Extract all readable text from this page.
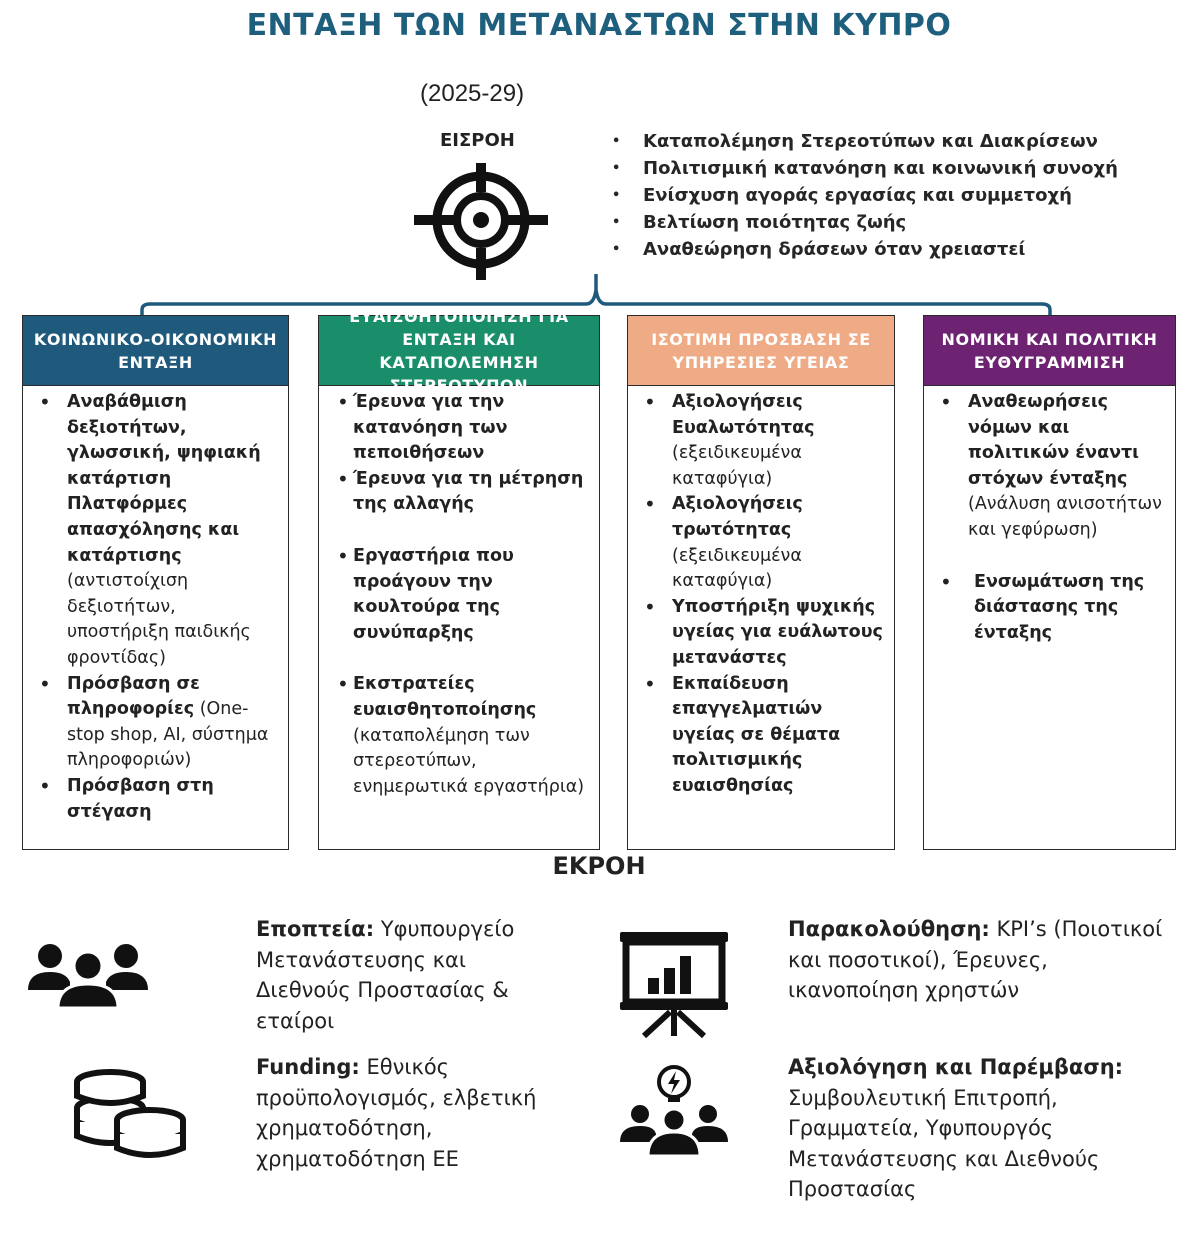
ΕΝΤΑΞΗ ΤΩΝ ΜΕΤΑΝΑΣΤΩΝ ΣΤΗΝ ΚΥΠΡΟ
(2025-29)
ΕΙΣΡΟΗ
•	Καταπολέμηση Στερεοτύπων και Διακρίσεων
• Πολιτισμική κατανόηση και κοινωνική συνοχή
• Ενίσχυση αγοράς εργασίας και συμμετοχή
• Βελτίωση ποιότητας ζωής
• Αναθεώρηση δράσεων όταν χρειαστεί
ΚΟΙΝΩΝΙΚΟ-ΟΙΚΟΝΟΜΙΚΗ ΕΝΤΑΞΗ
• Αναβάθμιση δεξιοτήτων, γλωσσική, ψηφιακή κατάρτιση Πλατφόρμες απασχόλησης και κατάρτισης (αντιστοίχιση δεξιοτήτων, υποστήριξη παιδικής φροντίδας)
• Πρόσβαση σε πληροφορίες (One-stop shop, AI, σύστημα πληροφοριών)
• Πρόσβαση στη στέγαση
ΕΥΑΙΣΘΗΤΟΠΟΙΗΣΗ ΓΙΑ ΕΝΤΑΞΗ ΚΑΙ ΚΑΤΑΠΟΛΕΜΗΣΗ ΣΤΕΡΕΟΤΥΠΩΝ
• Έρευνα για την κατανόηση των πεποιθήσεων
• Έρευνα για τη μέτρηση της αλλαγής
• Εργαστήρια που προάγουν την κουλτούρα της συνύπαρξης
• Εκστρατείες ευαισθητοποίησης (καταπολέμηση των στερεοτύπων, ενημερωτικά εργαστήρια)
ΙΣΟΤΙΜΗ ΠΡΟΣΒΑΣΗ ΣΕ ΥΠΗΡΕΣΙΕΣ ΥΓΕΙΑΣ
• Αξιολογήσεις Ευαλωτότητας (εξειδικευμένα καταφύγια)
• Αξιολογήσεις τρωτότητας (εξειδικευμένα καταφύγια)
• Υποστήριξη ψυχικής υγείας για ευάλωτους μετανάστες
• Εκπαίδευση επαγγελματιών υγείας σε θέματα πολιτισμικής ευαισθησίας
ΝΟΜΙΚΗ ΚΑΙ ΠΟΛΙΤΙΚΗ ΕΥΘΥΓΡΑΜΜΙΣΗ
• Αναθεωρήσεις νόμων και πολιτικών έναντι στόχων ένταξης (Ανάλυση ανισοτήτων και γεφύρωση)
• Ενσωμάτωση της διάστασης της ένταξης
ΕΚΡΟΗ
Εποπτεία: Υφυπουργείο Μετανάστευσης και Διεθνούς Προστασίας & εταίροι
Funding: Εθνικός προϋπολογισμός, ελβετική χρηματοδότηση, χρηματοδότηση ΕΕ
Παρακολούθηση: KPI’s (Ποιοτικοί και ποσοτικοί), Έρευνες, ικανοποίηση χρηστών
Αξιολόγηση και Παρέμβαση: Συμβουλευτική Επιτροπή, Γραμματεία, Υφυπουργός Μετανάστευσης και Διεθνούς Προστασίας
